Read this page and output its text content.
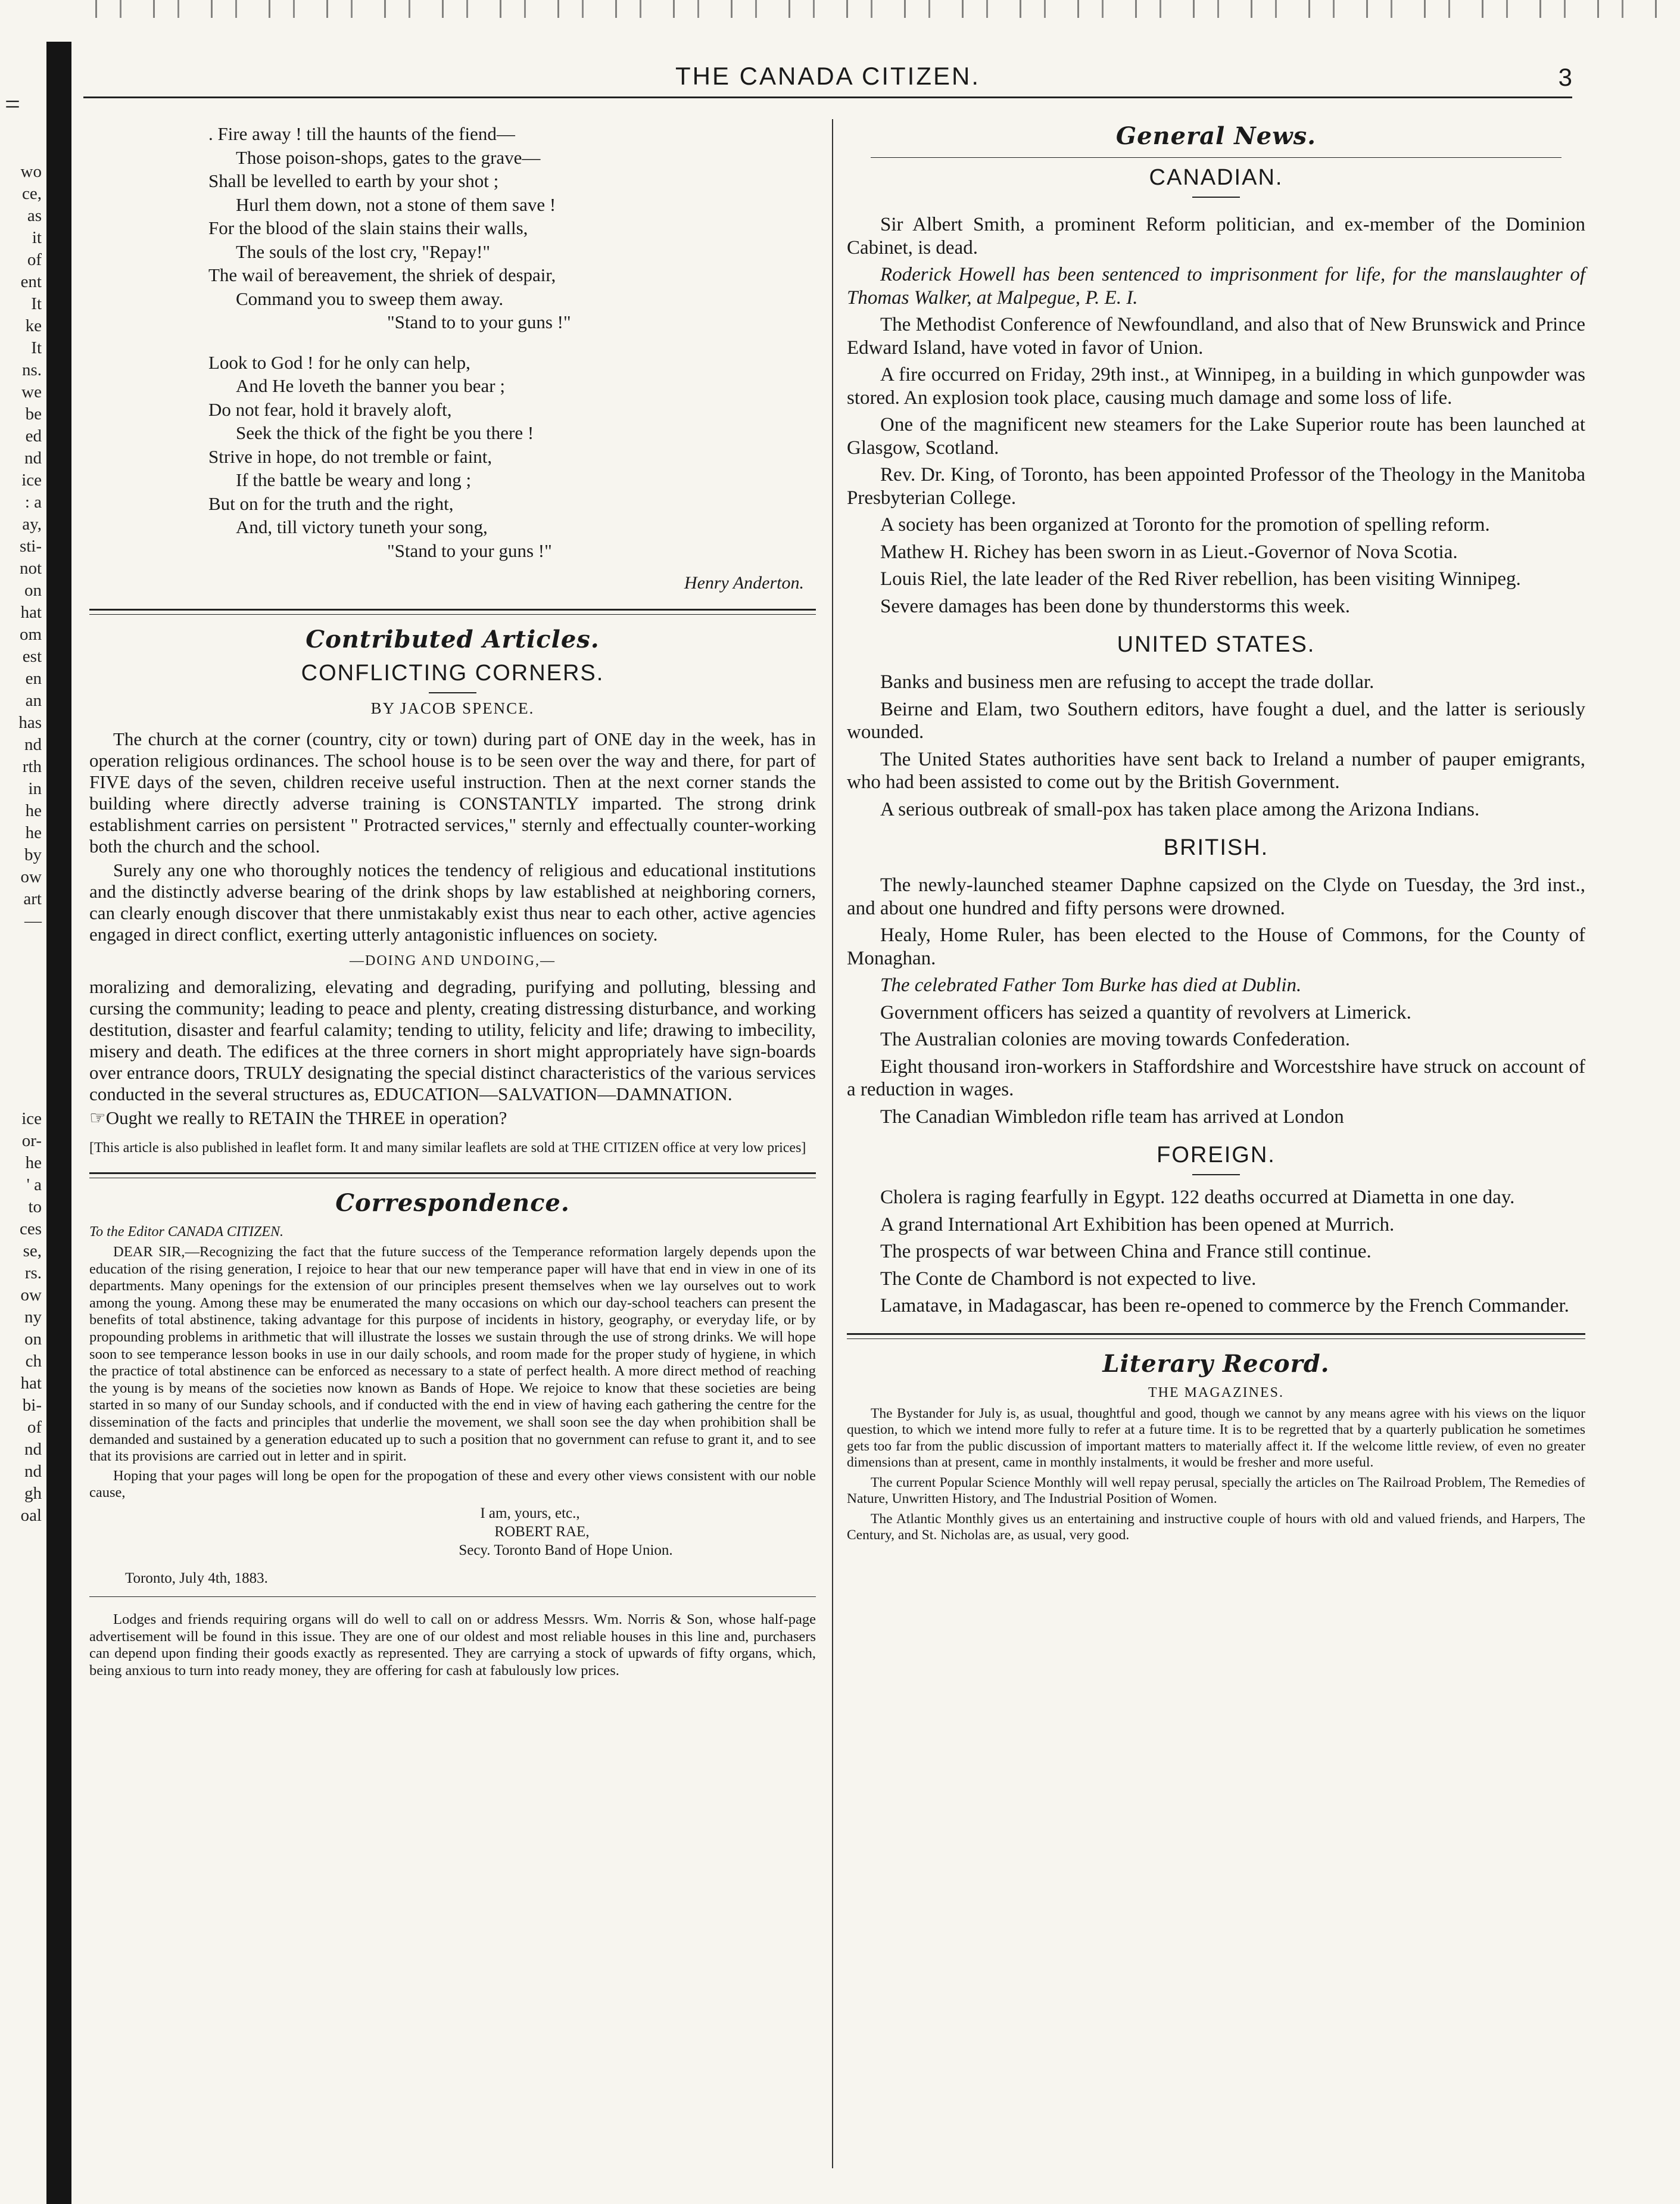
=
wo
ce,
as
it
of
ent
It
ke
It
ns.
we
be
ed
nd
ice
: a
ay,
sti-
not
on
hat
om
est
en
an
has
nd
rth
in
he
he
by
ow
art
—
ice
or-
he
' a
to
ces
se,
rs.
ow
ny
on
ch
hat
bi-
of
nd
nd
gh
oal
THE CANADA CITIZEN.	3
. Fire away ! till the haunts of the fiend—
Those poison-shops, gates to the grave—
Shall be levelled to earth by your shot ;
Hurl them down, not a stone of them save !
For the blood of the slain stains their walls,
The souls of the lost cry, "Repay!"
The wail of bereavement, the shriek of despair,
Command you to sweep them away.
"Stand to to your guns !"
Look to God ! for he only can help,
And He loveth the banner you bear ;
Do not fear, hold it bravely aloft,
Seek the thick of the fight be you there !
Strive in hope, do not tremble or faint,
If the battle be weary and long ;
But on for the truth and the right,
And, till victory tuneth your song,
"Stand to your guns !"
Henry Anderton.
Contributed Articles.
CONFLICTING CORNERS.
BY JACOB SPENCE.

The church at the corner (country, city or town) during part of ONE day in the week, has in operation religious ordinances. The school house is to be seen over the way and there, for part of FIVE days of the seven, children receive useful instruction. Then at the next corner stands the building where directly adverse training is CONSTANTLY imparted. The strong drink establishment carries on persistent " Protracted services," sternly and effectually counter-working both the church and the school.

Surely any one who thoroughly notices the tendency of religious and educational institutions and the distinctly adverse bearing of the drink shops by law established at neighboring corners, can clearly enough discover that there unmistakably exist thus near to each other, active agencies engaged in direct conflict, exerting utterly antagonistic influences on society.

—DOING AND UNDOING,—

moralizing and demoralizing, elevating and degrading, purifying and polluting, blessing and cursing the community; leading to peace and plenty, creating distressing disturbance, and working destitution, disaster and fearful calamity; tending to utility, felicity and life; drawing to imbecility, misery and death. The edifices at the three corners in short might appropriately have sign-boards over entrance doors, TRULY designating the special distinct characteristics of the various services conducted in the several structures as, EDUCATION—SALVATION—DAMNATION.

☞Ought we really to RETAIN the THREE in operation?

[This article is also published in leaflet form. It and many similar leaflets are sold at THE CITIZEN office at very low prices]
Correspondence.
To the Editor CANADA CITIZEN.

DEAR SIR,—Recognizing the fact that the future success of the Temperance reformation largely depends upon the education of the rising generation, I rejoice to hear that our new temperance paper will have that end in view in one of its departments. Many openings for the extension of our principles present themselves when we lay ourselves out to work among the young. Among these may be enumerated the many occasions on which our day-school teachers can present the benefits of total abstinence, taking advantage for this purpose of incidents in history, geography, or everyday life, or by propounding problems in arithmetic that will illustrate the losses we sustain through the use of strong drinks. We will hope soon to see temperance lesson books in use in our daily schools, and room made for the proper study of hygiene, in which the practice of total abstinence can be enforced as necessary to a state of perfect health. A more direct method of reaching the young is by means of the societies now known as Bands of Hope. We rejoice to know that these societies are being started in so many of our Sunday schools, and if conducted with the end in view of having each gathering the centre for the dissemination of the facts and principles that underlie the movement, we shall soon see the day when prohibition shall be demanded and sustained by a generation educated up to such a position that no government can refuse to grant it, and to see that its provisions are carried out in letter and in spirit.

Hoping that your pages will long be open for the propogation of these and every other views consistent with our noble cause,

I am, yours, etc.,
ROBERT RAE,
Secy. Toronto Band of Hope Union.
Toronto, July 4th, 1883.

Lodges and friends requiring organs will do well to call on or address Messrs. Wm. Norris & Son, whose half-page advertisement will be found in this issue. They are one of our oldest and most reliable houses in this line and, purchasers can depend upon finding their goods exactly as represented. They are carrying a stock of upwards of fifty organs, which, being anxious to turn into ready money, they are offering for cash at fabulously low prices.

General News.
CANADIAN.

Sir Albert Smith, a prominent Reform politician, and ex-member of the Dominion Cabinet, is dead.

Roderick Howell has been sentenced to imprisonment for life, for the manslaughter of Thomas Walker, at Malpegue, P. E. I.

The Methodist Conference of Newfoundland, and also that of New Brunswick and Prince Edward Island, have voted in favor of Union.

A fire occurred on Friday, 29th inst., at Winnipeg, in a building in which gunpowder was stored. An explosion took place, causing much damage and some loss of life.

One of the magnificent new steamers for the Lake Superior route has been launched at Glasgow, Scotland.

Rev. Dr. King, of Toronto, has been appointed Professor of the Theology in the Manitoba Presbyterian College.

A society has been organized at Toronto for the promotion of spelling reform.

Mathew H. Richey has been sworn in as Lieut.-Governor of Nova Scotia.

Louis Riel, the late leader of the Red River rebellion, has been visiting Winnipeg.

Severe damages has been done by thunderstorms this week.

UNITED STATES.

Banks and business men are refusing to accept the trade dollar.

Beirne and Elam, two Southern editors, have fought a duel, and the latter is seriously wounded.

The United States authorities have sent back to Ireland a number of pauper emigrants, who had been assisted to come out by the British Government.

A serious outbreak of small-pox has taken place among the Arizona Indians.

BRITISH.

The newly-launched steamer Daphne capsized on the Clyde on Tuesday, the 3rd inst., and about one hundred and fifty persons were drowned.

Healy, Home Ruler, has been elected to the House of Commons, for the County of Monaghan.

The celebrated Father Tom Burke has died at Dublin.

Government officers has seized a quantity of revolvers at Limerick.

The Australian colonies are moving towards Confederation.

Eight thousand iron-workers in Staffordshire and Worcestshire have struck on account of a reduction in wages.

The Canadian Wimbledon rifle team has arrived at London

FOREIGN.

Cholera is raging fearfully in Egypt. 122 deaths occurred at Diametta in one day.

A grand International Art Exhibition has been opened at Murrich.

The prospects of war between China and France still continue.

The Conte de Chambord is not expected to live.

Lamatave, in Madagascar, has been re-opened to commerce by the French Commander.

Literary Record.
THE MAGAZINES.

The Bystander for July is, as usual, thoughtful and good, though we cannot by any means agree with his views on the liquor question, to which we intend more fully to refer at a future time. It is to be regretted that by a quarterly publication he sometimes gets too far from the public discussion of important matters to materially affect it. If the welcome little review, of even no greater dimensions than at present, came in monthly instalments, it would be fresher and more useful.

The current Popular Science Monthly will well repay perusal, specially the articles on The Railroad Problem, The Remedies of Nature, Unwritten History, and The Industrial Position of Women.

The Atlantic Monthly gives us an entertaining and instructive couple of hours with old and valued friends, and Harpers, The Century, and St. Nicholas are, as usual, very good.
